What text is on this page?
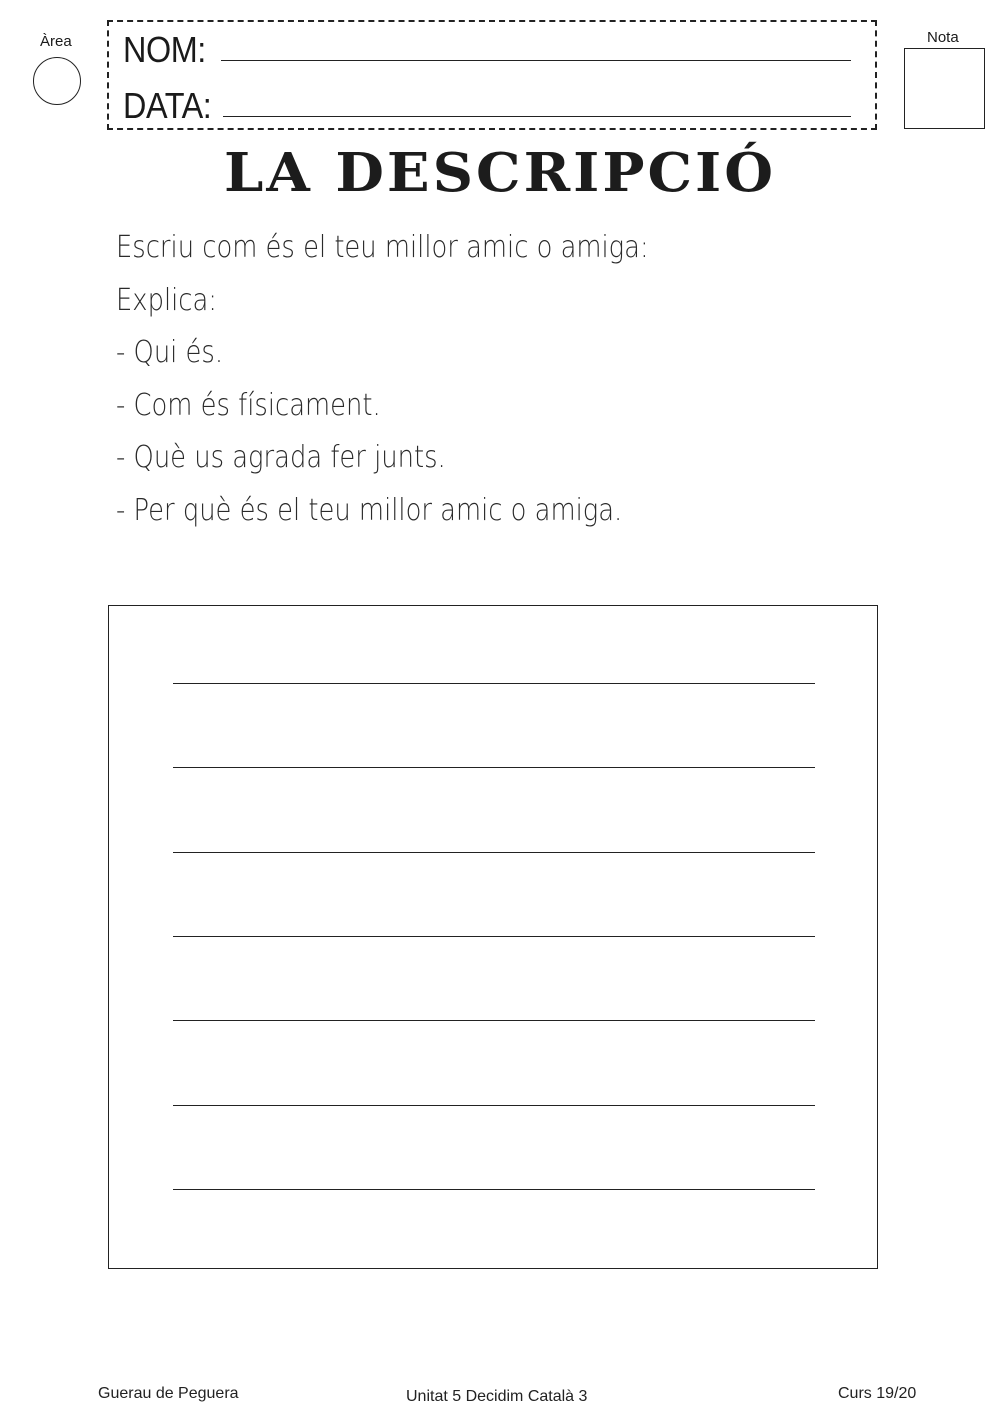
Àrea NOM:
DATA:
Nota
LA DESCRIPCIÓ
Escriu com és el teu millor amic o amiga:
Explica:
- Qui és.
- Com és físicament.
- Què us agrada fer junts.
- Per què és el teu millor amic o amiga.
Guerau de Peguera	Unitat 5 Decidim Català 3	Curs 19/20
